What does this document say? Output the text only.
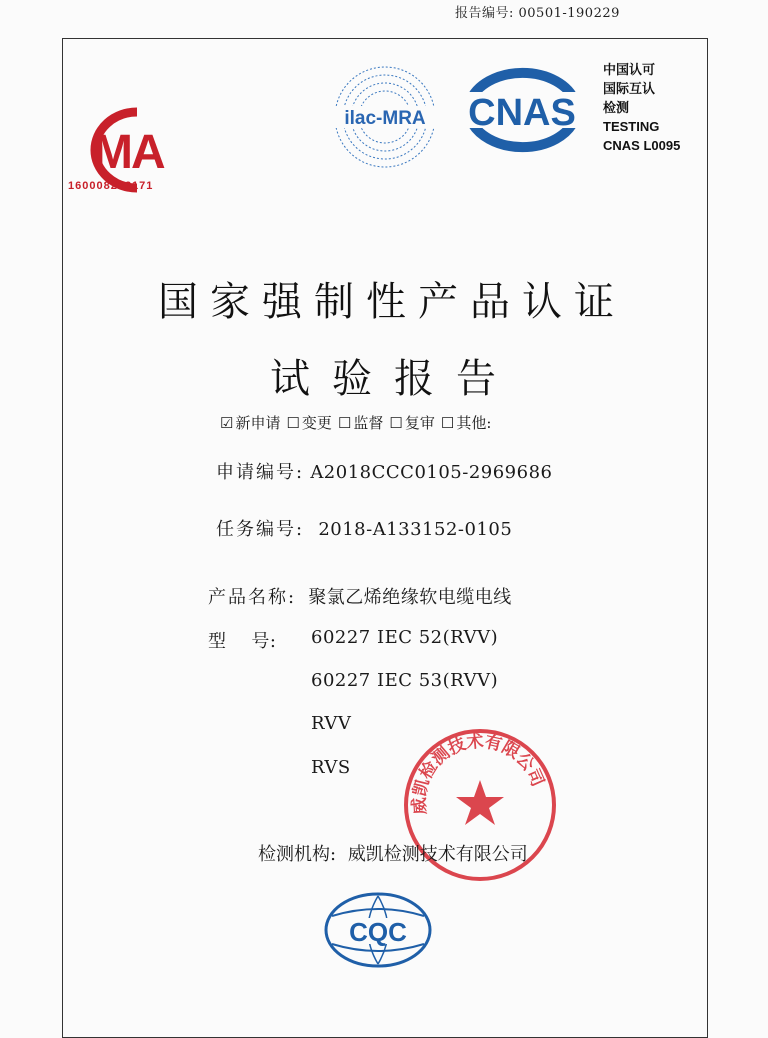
报告编号: 00501-190229
MA
160008222171
ilac-MRA CNAS
中国认可
国际互认
检测
TESTING
CNAS L0095
国家强制性产品认证
试验报告
☑ 新申请 ☐ 变更 ☐ 监督 ☐ 复审 ☐ 其他:
申请编号: A2018CCC0105-2969686
任务编号: 2018-A133152-0105
产品名称: 聚氯乙烯绝缘软电缆电线
型    号: 60227 IEC 52(RVV)
60227 IEC 53(RVV)
RVV
RVS
威凯检测技术有限公司
检测机构: 威凯检测技术有限公司
CQC
